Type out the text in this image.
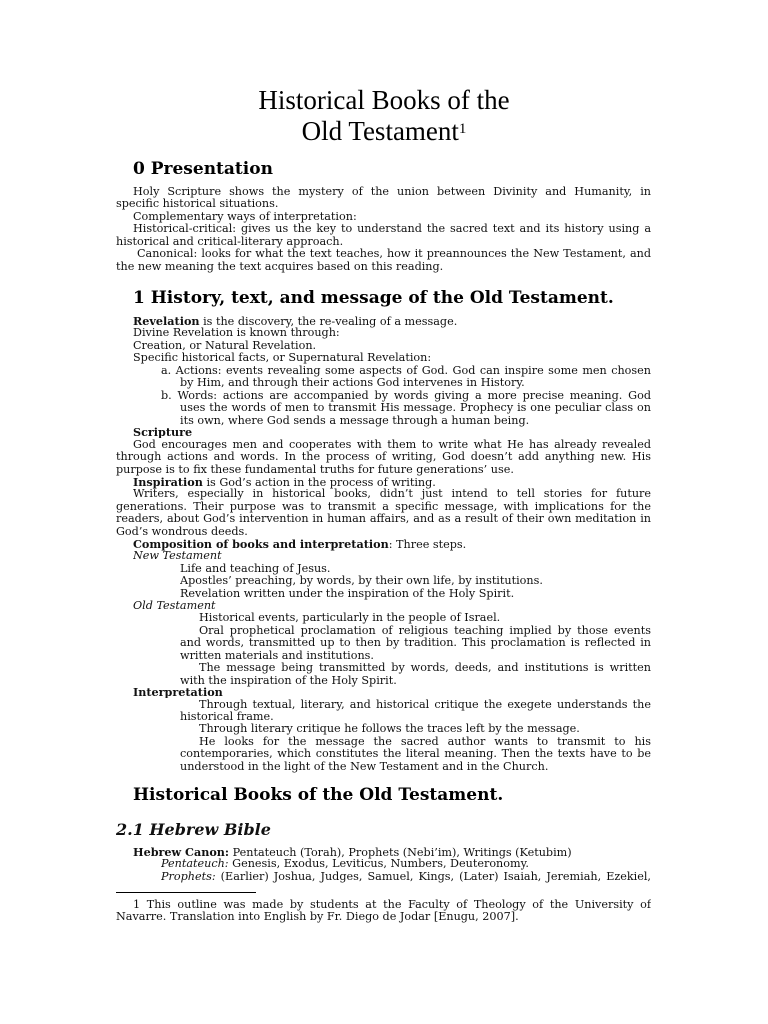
Historical Books of the
Old Testament$^1$
0 Presentation
Holy Scripture shows the mystery of the union between Divinity and Humanity, in
specific historical situations.
Complementary ways of interpretation:
Historical-critical: gives us the key to understand the sacred text and its history using a
historical and critical-literary approach.
Canonical: looks for what the text teaches, how it preannounces the New Testament, and
the new meaning the text acquires based on this reading.
1 History, text, and message of the Old Testament.
Revelation is the discovery, the re-vealing of a message.
Divine Revelation is known through:
Creation, or Natural Revelation.
Specific historical facts, or Supernatural Revelation:
a. Actions: events revealing some aspects of God. God can inspire some men chosen
by Him, and through their actions God intervenes in History.
b. Words: actions are accompanied by words giving a more precise meaning. God
uses the words of men to transmit His message. Prophecy is one peculiar class on
its own, where God sends a message through a human being.
Scripture
God encourages men and cooperates with them to write what He has already revealed
through actions and words. In the process of writing, God doesn’t add anything new. His
purpose is to fix these fundamental truths for future generations’ use.
Inspiration is God’s action in the process of writing.
Writers, especially in historical books, didn’t just intend to tell stories for future
generations. Their purpose was to transmit a specific message, with implications for the
readers, about God’s intervention in human affairs, and as a result of their own meditation in
God’s wondrous deeds.
Composition of books and interpretation: Three steps.
New Testament
Life and teaching of Jesus.
Apostles’ preaching, by words, by their own life, by institutions.
Revelation written under the inspiration of the Holy Spirit.
Old Testament
Historical events, particularly in the people of Israel.
Oral prophetical proclamation of religious teaching implied by those events
and words, transmitted up to then by tradition. This proclamation is reflected in
written materials and institutions.
The message being transmitted by words, deeds, and institutions is written
with the inspiration of the Holy Spirit.
Interpretation
Through textual, literary, and historical critique the exegete understands the
historical frame.
Through literary critique he follows the traces left by the message.
He looks for the message the sacred author wants to transmit to his
contemporaries, which constitutes the literal meaning. Then the texts have to be
understood in the light of the New Testament and in the Church.
Historical Books of the Old Testament.
2.1 Hebrew Bible
Hebrew Canon: Pentateuch (Torah), Prophets (Nebi’im), Writings (Ketubim)
Pentateuch: Genesis, Exodus, Leviticus, Numbers, Deuteronomy.
Prophets: (Earlier) Joshua, Judges, Samuel, Kings, (Later) Isaiah, Jeremiah, Ezekiel,
1 This outline was made by students at the Faculty of Theology of the University of
Navarre. Translation into English by Fr. Diego de Jodar [Enugu, 2007].
